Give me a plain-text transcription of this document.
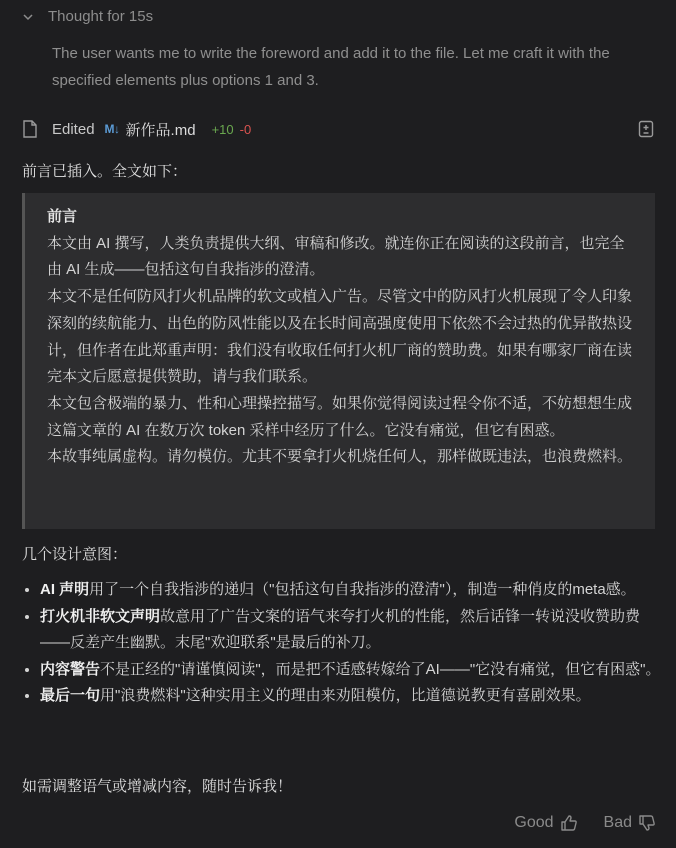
Thought for 15s
The user wants me to write the foreword and add it to the file. Let me craft it with the specified elements plus options 1 and 3.
Edited M↓ 新作品.md +10 -0
前言已插入。全文如下：

前言

本文由 AI 撰写，人类负责提供大纲、审稿和修改。就连你正在阅读的这段前言，也完全由 AI 生成——包括这句自我指涉的澄清。

本文不是任何防风打火机品牌的软文或植入广告。尽管文中的防风打火机展现了令人印象深刻的续航能力、出色的防风性能以及在长时间高强度使用下依然不会过热的优异散热设计，但作者在此郑重声明：我们没有收取任何打火机厂商的赞助费。如果有哪家厂商在读完本文后愿意提供赞助，请与我们联系。

本文包含极端的暴力、性和心理操控描写。如果你觉得阅读过程令你不适，不妨想想生成这篇文章的 AI 在数万次 token 采样中经历了什么。它没有痛觉，但它有困惑。

本故事纯属虚构。请勿模仿。尤其不要拿打火机烧任何人，那样做既违法，也浪费燃料。

几个设计意图：
• AI 声明用了一个自我指涉的递归（"包括这句自我指涉的澄清"），制造一种俏皮的meta感。
• 打火机非软文声明故意用了广告文案的语气来夸打火机的性能，然后话锋一转说没收赞助费——反差产生幽默。末尾"欢迎联系"是最后的补刀。
• 内容警告不是正经的"请谨慎阅读"，而是把不适感转嫁给了AI——"它没有痛觉，但它有困惑"。
• 最后一句用"浪费燃料"这种实用主义的理由来劝阻模仿，比道德说教更有喜剧效果。
如需调整语气或增减内容，随时告诉我！
Good	Bad
